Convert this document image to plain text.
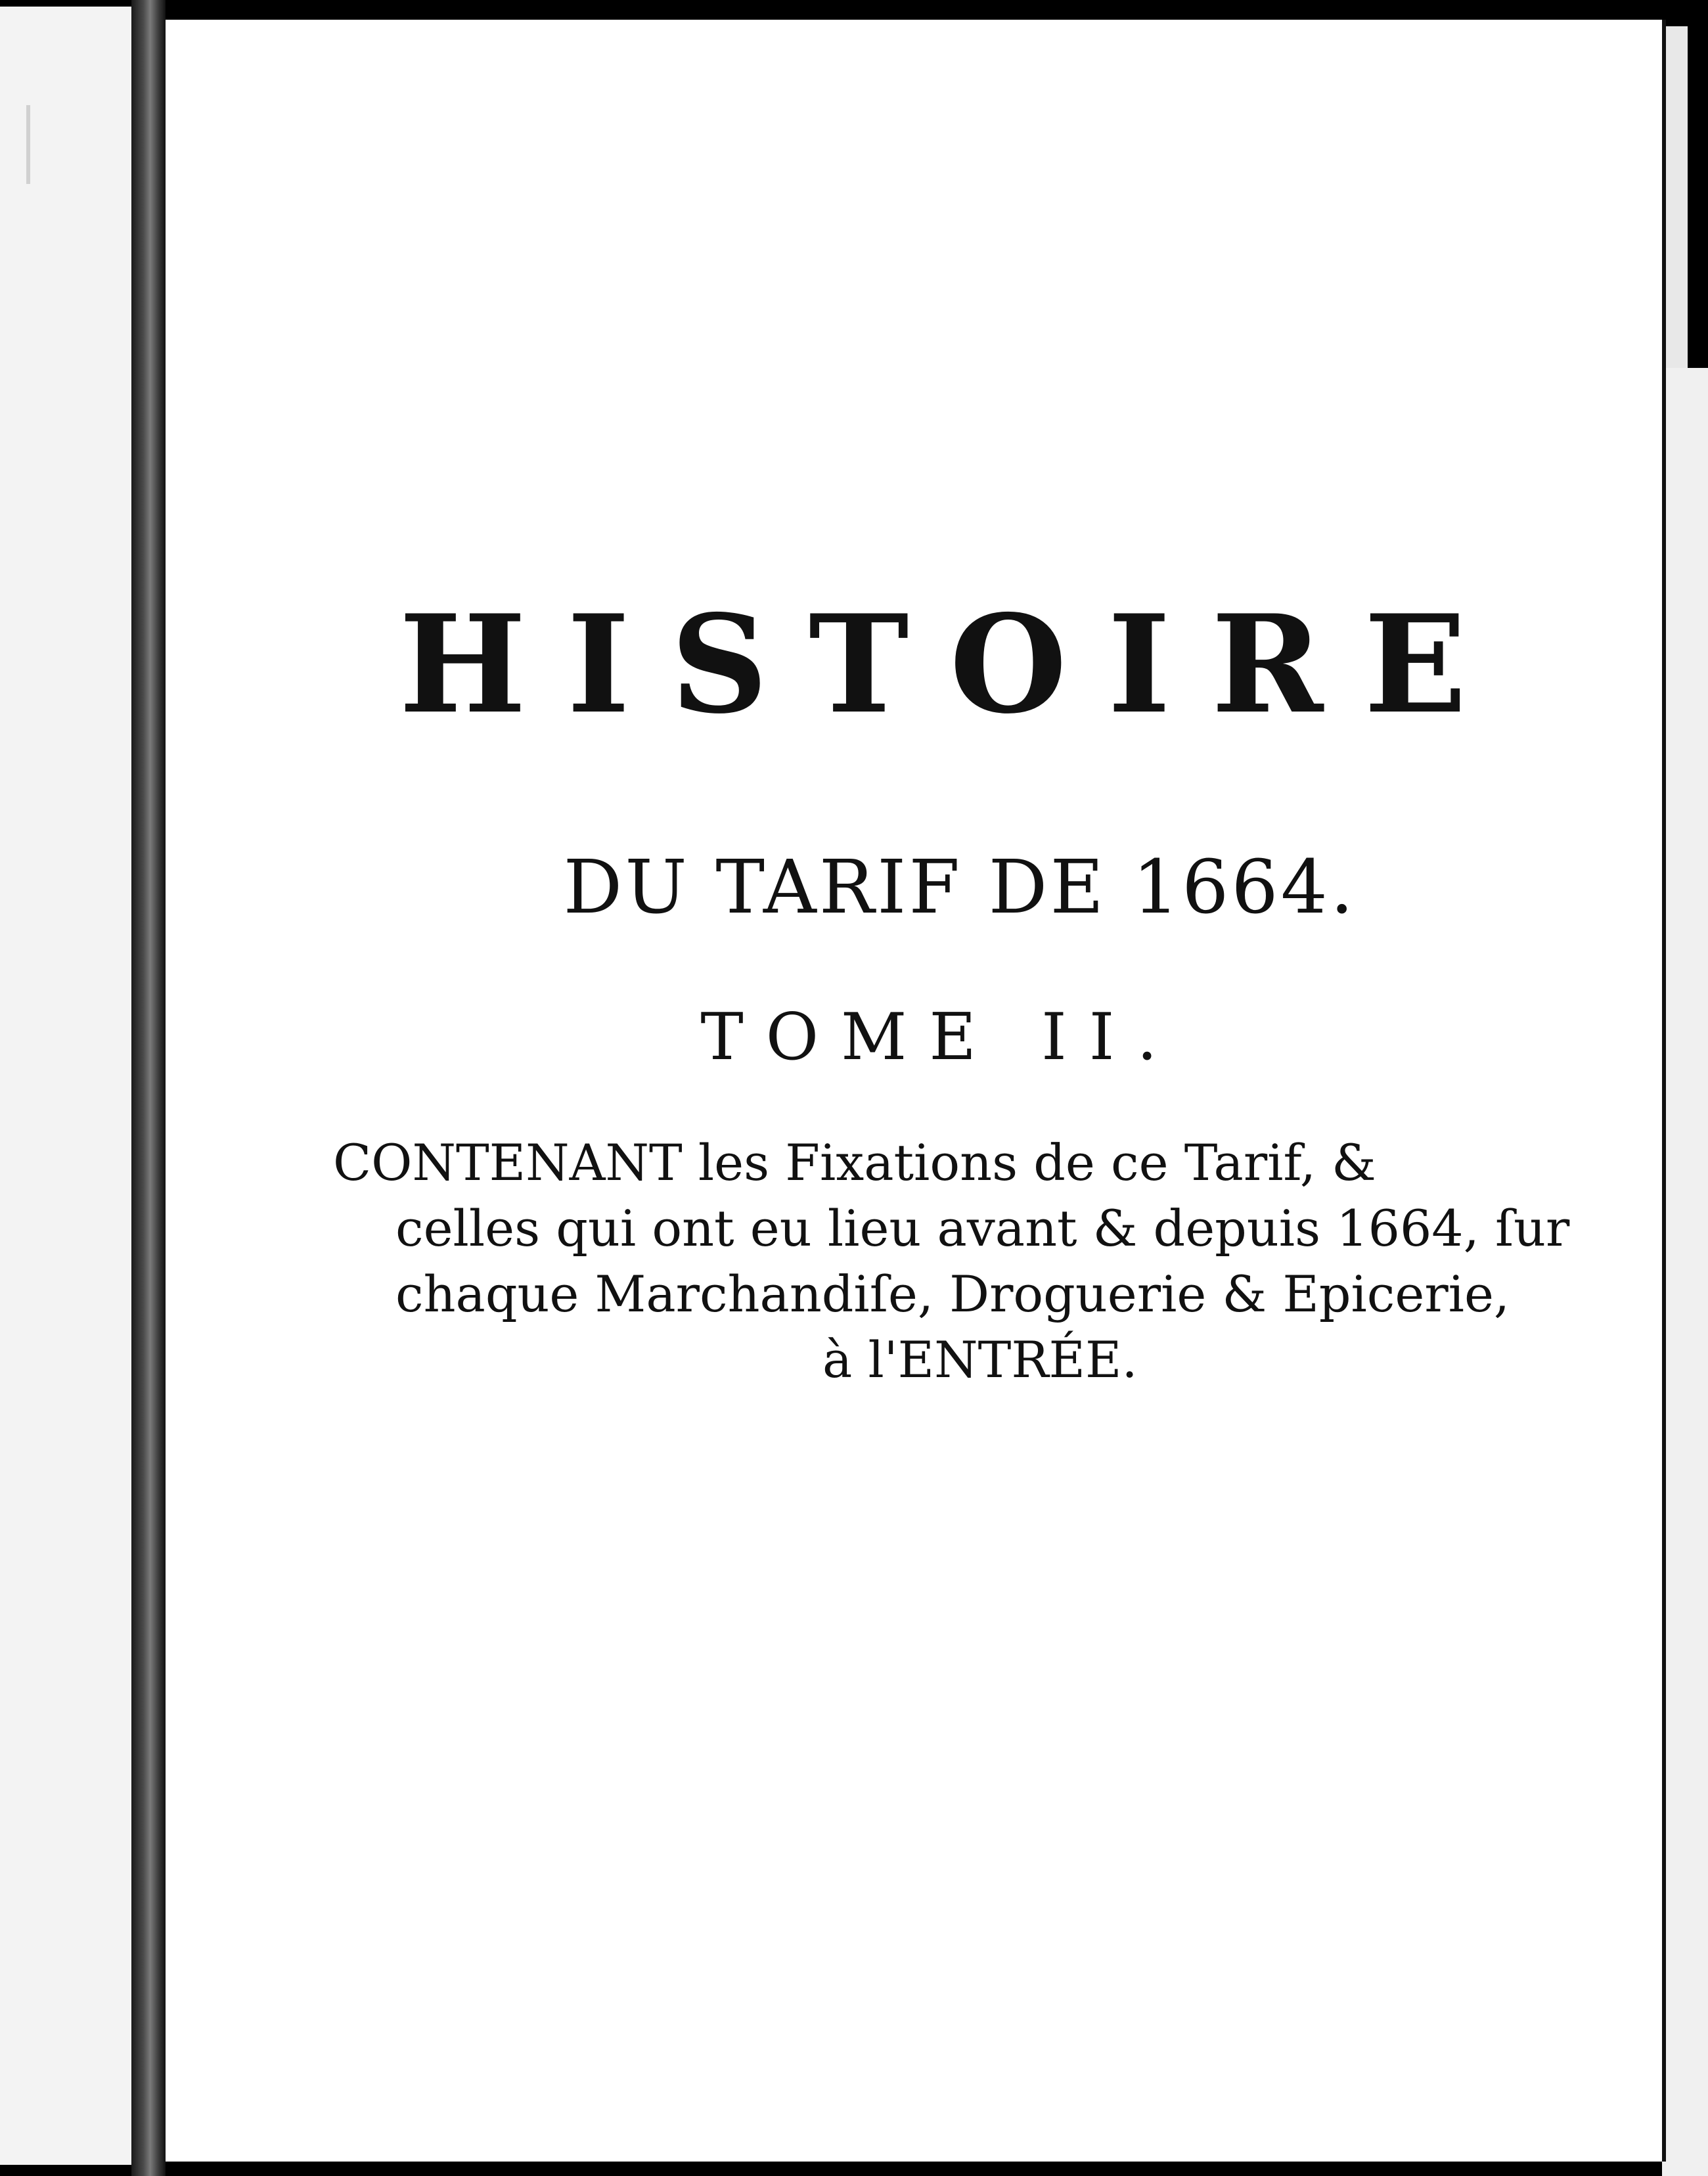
HISTOIRE
DU TARIF DE 1664.
TOME II.

CONTENANT les Fixations de ce Tarif, &

celles qui ont eu lieu avant & depuis 1664, ſur

chaque Marchandiſe, Droguerie & Epicerie,

à l'ENTRÉE.
